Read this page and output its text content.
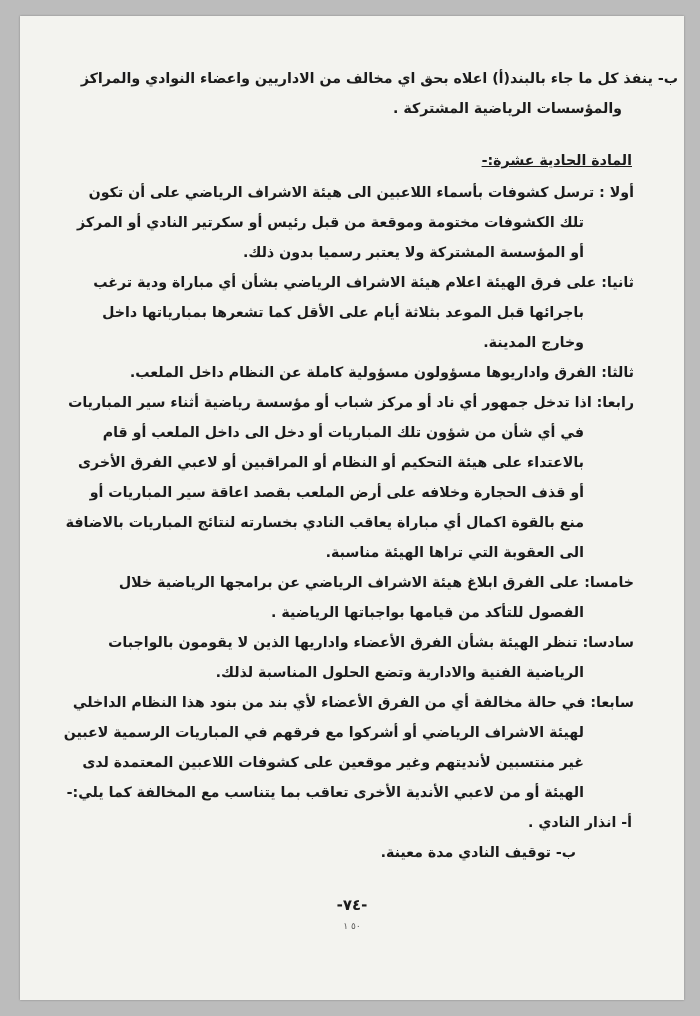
ب- ينفذ كل ما جاء بالبند(أ) اعلاه بحق اي مخالف من الاداريين واعضاء النوادي والمراكز والمؤسسات الرياضية المشتركة .

المادة الحادية عشرة:-

أولا : ترسل كشوفات بأسماء اللاعبين الى هيئة الاشراف الرياضي على أن تكون تلك الكشوفات مختومة وموقعة من قبل رئيس أو سكرتير النادي أو المركز أو المؤسسة المشتركة ولا يعتبر رسميا بدون ذلك.

ثانيا: على فرق الهيئة اعلام هيئة الاشراف الرياضي بشأن أي مباراة ودية ترغب باجرائها قبل الموعد بثلاثة أيام على الأقل كما تشعرها بمبارياتها داخل وخارج المدينة.

ثالثا: الفرق واداريوها مسؤولون مسؤولية كاملة عن النظام داخل الملعب.

رابعا: اذا تدخل جمهور أي ناد أو مركز شباب أو مؤسسة رياضية أثناء سير المباريات في أي شأن من شؤون تلك المباريات أو دخل الى داخل الملعب أو قام بالاعتداء على هيئة التحكيم أو النظام أو المراقبين أو لاعبي الفرق الأخرى أو قذف الحجارة وخلافه على أرض الملعب بقصد اعاقة سير المباريات أو منع بالقوة اكمال أي مباراة يعاقب النادي بخسارته لنتائج المباريات بالاضافة الى العقوبة التي تراها الهيئة مناسبة.

خامسا: على الفرق ابلاغ هيئة الاشراف الرياضي عن برامجها الرياضية خلال الفصول للتأكد من قيامها بواجباتها الرياضية .

سادسا: تنظر الهيئة بشأن الفرق الأعضاء واداريها الذين لا يقومون بالواجبات الرياضية الفنية والادارية وتضع الحلول المناسبة لذلك.

سابعا: في حالة مخالفة أي من الفرق الأعضاء لأي بند من بنود هذا النظام الداخلي لهيئة الاشراف الرياضي أو أشركوا مع فرقهم في المباريات الرسمية لاعبين غير منتسبين لأنديتهم وغير موقعين على كشوفات اللاعبين المعتمدة لدى الهيئة أو من لاعبي الأندية الأخرى تعاقب بما يتناسب مع المخالفة كما يلي:-

أ- انذار النادي .

ب- توقيف النادي مدة معينة.

-٧٤-
٥٠ ١
